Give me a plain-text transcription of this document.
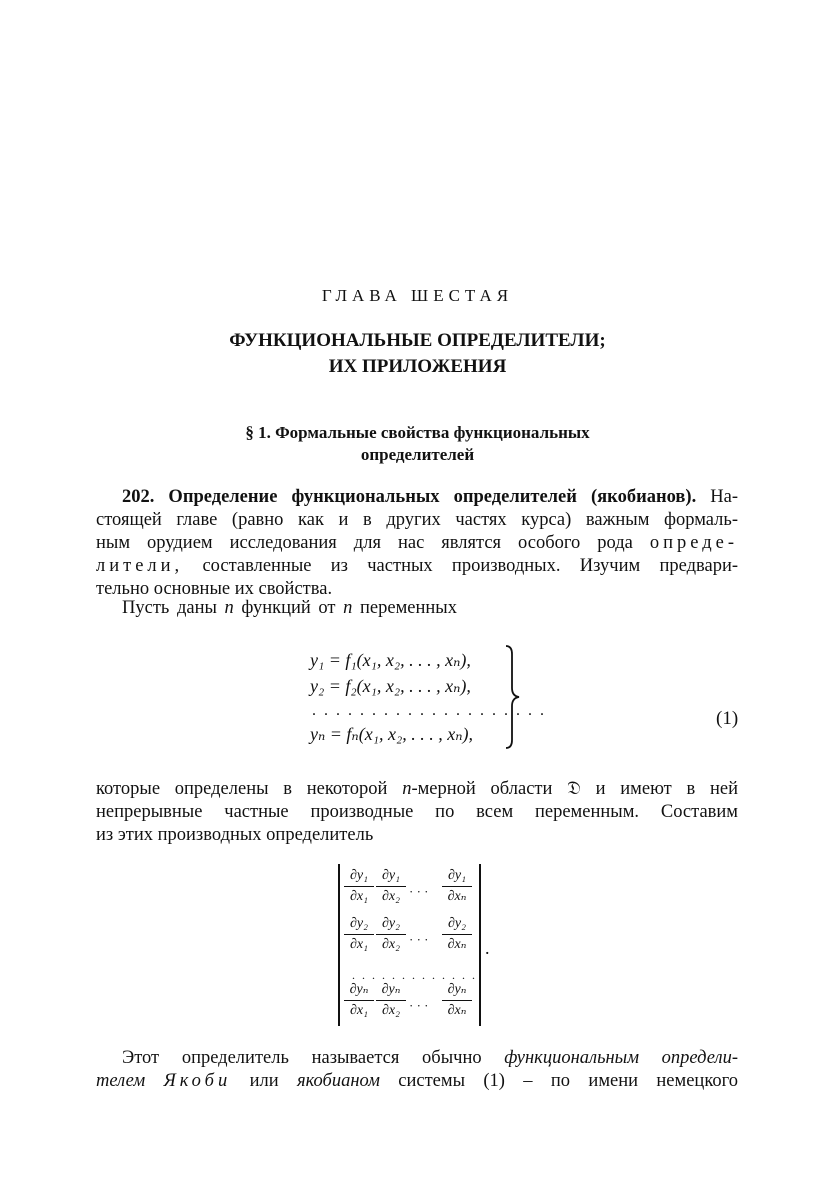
ГЛАВА ШЕСТАЯ
ФУНКЦИОНАЛЬНЫЕ ОПРЕДЕЛИТЕЛИ;
ИХ ПРИЛОЖЕНИЯ
§ 1. Формальные свойства функциональных
определителей
202. Определение функциональных определителей (якобианов). На-
стоящей главе (равно как и в других частях курса) важным формаль-
ным орудием исследования для нас являтся особого рода опреде-
лители, составленные из частных производных. Изучим предвари-
тельно основные их свойства.
Пусть даны n функций от n переменных
y₁ = f₁(x₁, x₂, . . . , xₙ),
y₂ = f₂(x₁, x₂, . . . , xₙ),
. . . . . . . . . . . . . . . . . . . .
yₙ = fₙ(x₁, x₂, . . . , xₙ),
(1)
которые определены в некоторой n-мерной области 𝔇 и имеют в ней
непрерывные частные производные по всем переменным. Составим
из этих производных определитель
∂y₁
∂x₁
∂y₁
∂x₂ · · ·
∂y₁
∂xₙ
∂y₂
∂x₁
∂y₂
∂x₂ · · ·
∂y₂
∂xₙ
. . . . . . . . . . . . .
∂yₙ
∂x₁
∂yₙ
∂x₂ · · ·
∂yₙ
∂xₙ
.
Этот определитель называется обычно функциональным определи-
телем Якоби или якобианом системы (1) – по имени немецкого
